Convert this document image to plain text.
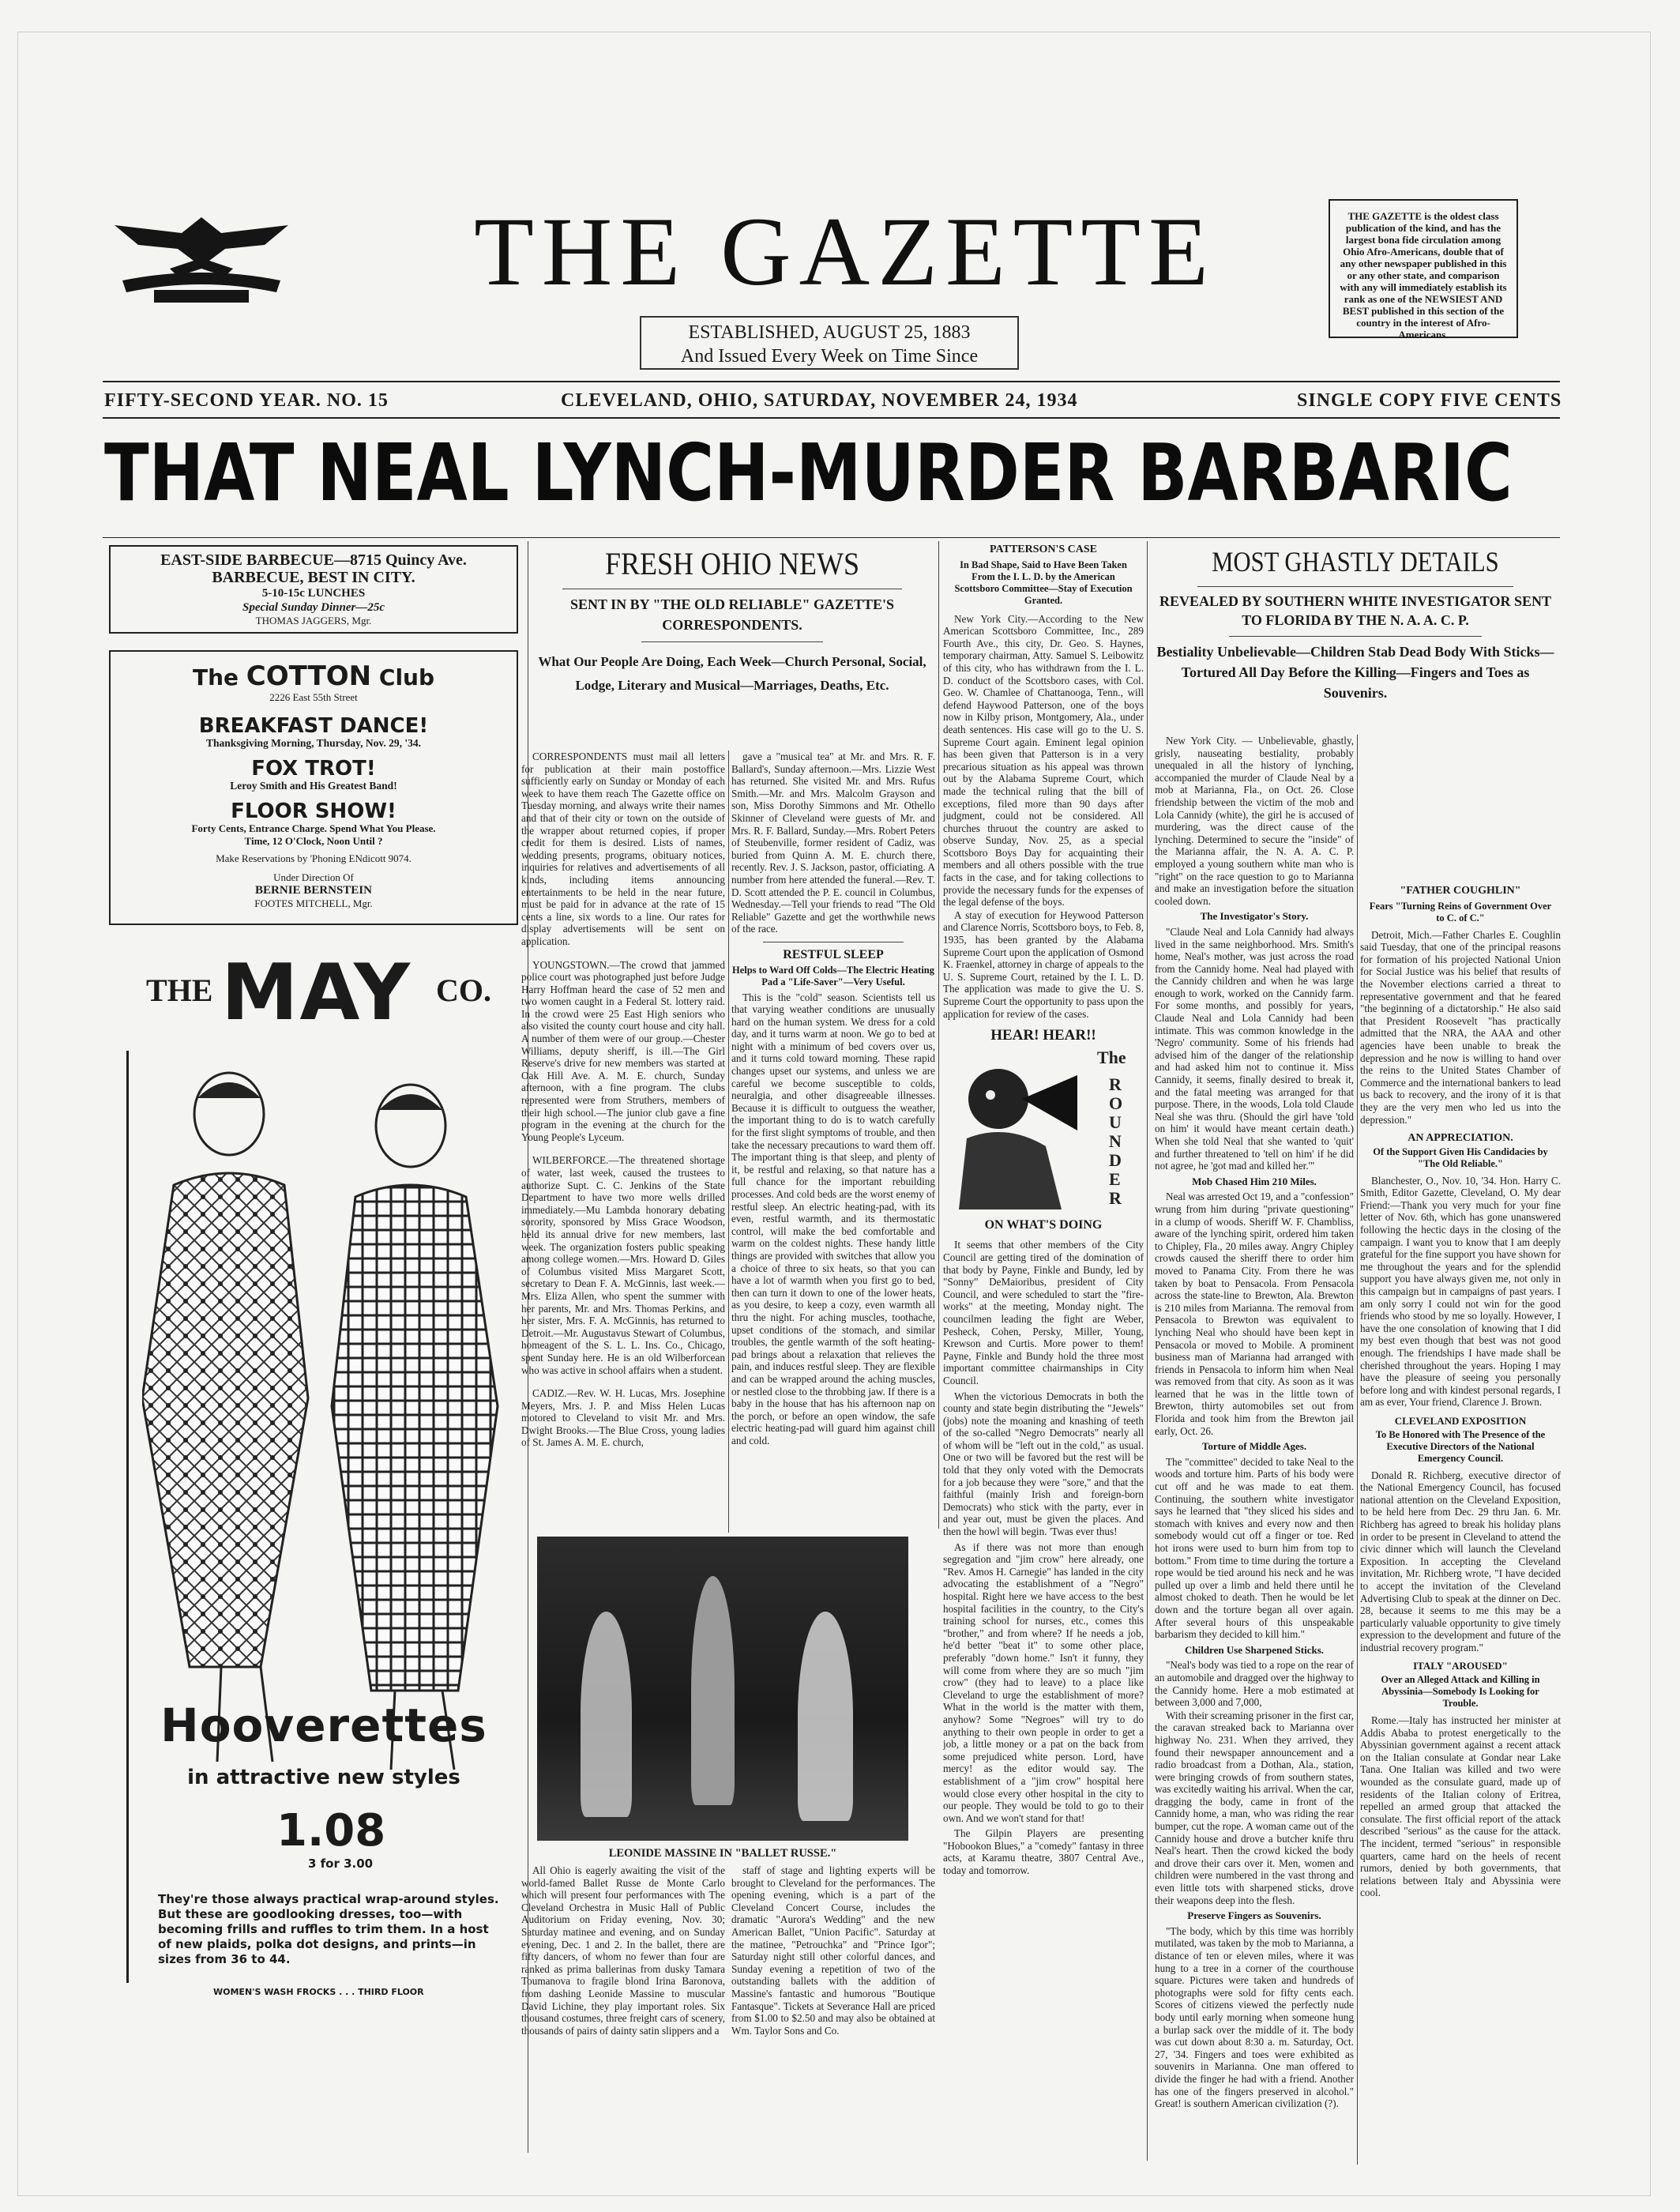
THE GAZETTE
ESTABLISHED, AUGUST 25, 1883
And Issued Every Week on Time Since
THE GAZETTE is the oldest class publication of the kind, and has the largest bona fide circulation among Ohio Afro-Americans, double that of any other newspaper published in this or any other state, and comparison with any will immediately establish its rank as one of the NEWSIEST AND BEST published in this section of the country in the interest of Afro-Americans.
FIFTY-SECOND YEAR. NO. 15	CLEVELAND, OHIO, SATURDAY, NOVEMBER 24, 1934	SINGLE COPY FIVE CENTS
THAT NEAL LYNCH-MURDER BARBARIC
EAST-SIDE BARBECUE—8715 Quincy Ave.
BARBECUE, BEST IN CITY.
5-10-15c LUNCHES
Special Sunday Dinner—25c
THOMAS JAGGERS, Mgr.
The COTTON Club
2226 East 55th Street
BREAKFAST DANCE!
Thanksgiving Morning, Thursday, Nov. 29, '34.
FOX TROT!
Leroy Smith and His Greatest Band!
FLOOR SHOW!
Forty Cents, Entrance Charge. Spend What You Please.
Time, 12 O'Clock, Noon Until ?
Make Reservations by 'Phoning ENdicott 9074.
Under Direction Of
BERNIE BERNSTEIN
FOOTES MITCHELL, Mgr.
THE MAY CO.
Hooverettes
in attractive new styles
1.08
3 for 3.00
They're those always practical wrap-around styles. But these are goodlooking dresses, too—with becoming frills and ruffles to trim them. In a host of new plaids, polka dot designs, and prints—in sizes from 36 to 44.
WOMEN'S WASH FROCKS . . . THIRD FLOOR
FRESH OHIO NEWS
SENT IN BY "THE OLD RELIABLE" GAZETTE'S CORRESPONDENTS.
What Our People Are Doing, Each Week—Church Personal, Social, Lodge, Literary and Musical—Marriages, Deaths, Etc.

CORRESPONDENTS must mail all letters for publication at their main postoffice sufficiently early on Sunday or Monday of each week to have them reach The Gazette office on Tuesday morning, and always write their names and that of their city or town on the outside of the wrapper about returned copies, if proper credit for them is desired. Lists of names, wedding presents, programs, obituary notices, inquiries for relatives and advertisements of all kinds, including items announcing entertainments to be held in the near future, must be paid for in advance at the rate of 15 cents a line, six words to a line. Our rates for display advertisements will be sent on application.

YOUNGSTOWN.—The crowd that jammed police court was photographed just before Judge Harry Hoffman heard the case of 52 men and two women caught in a Federal St. lottery raid. In the crowd were 25 East High seniors who also visited the county court house and city hall. A number of them were of our group.—Chester Williams, deputy sheriff, is ill.—The Girl Reserve's drive for new members was started at Oak Hill Ave. A. M. E. church, Sunday afternoon, with a fine program. The clubs represented were from Struthers, members of their high school.—The junior club gave a fine program in the evening at the church for the Young People's Lyceum.

WILBERFORCE.—The threatened shortage of water, last week, caused the trustees to authorize Supt. C. C. Jenkins of the State Department to have two more wells drilled immediately.—Mu Lambda honorary debating sorority, sponsored by Miss Grace Woodson, held its annual drive for new members, last week. The organization fosters public speaking among college women.—Mrs. Howard D. Giles of Columbus visited Miss Margaret Scott, secretary to Dean F. A. McGinnis, last week.—Mrs. Eliza Allen, who spent the summer with her parents, Mr. and Mrs. Thomas Perkins, and her sister, Mrs. F. A. McGinnis, has returned to Detroit.—Mr. Augustavus Stewart of Columbus, homeagent of the S. L. L. Ins. Co., Chicago, spent Sunday here. He is an old Wilberforcean who was active in school affairs when a student.

CADIZ.—Rev. W. H. Lucas, Mrs. Josephine Meyers, Mrs. J. P. and Miss Helen Lucas motored to Cleveland to visit Mr. and Mrs. Dwight Brooks.—The Blue Cross, young ladies of St. James A. M. E. church,

gave a "musical tea" at Mr. and Mrs. R. F. Ballard's, Sunday afternoon.—Mrs. Lizzie West has returned. She visited Mr. and Mrs. Rufus Smith.—Mr. and Mrs. Malcolm Grayson and son, Miss Dorothy Simmons and Mr. Othello Skinner of Cleveland were guests of Mr. and Mrs. R. F. Ballard, Sunday.—Mrs. Robert Peters of Steubenville, former resident of Cadiz, was buried from Quinn A. M. E. church there, recently. Rev. J. S. Jackson, pastor, officiating. A number from here attended the funeral.—Rev. T. D. Scott attended the P. E. council in Columbus, Wednesday.—Tell your friends to read "The Old Reliable" Gazette and get the worthwhile news of the race.

RESTFUL SLEEP
Helps to Ward Off Colds—The Electric Heating Pad a "Life-Saver"—Very Useful.

This is the "cold" season. Scientists tell us that varying weather conditions are unusually hard on the human system. We dress for a cold day, and it turns warm at noon. We go to bed at night with a minimum of bed covers over us, and it turns cold toward morning. These rapid changes upset our systems, and unless we are careful we become susceptible to colds, neuralgia, and other disagreeable illnesses. Because it is difficult to outguess the weather, the important thing to do is to watch carefully for the first slight symptoms of trouble, and then take the necessary precautions to ward them off. The important thing is that sleep, and plenty of it, be restful and relaxing, so that nature has a full chance for the important rebuilding processes. And cold beds are the worst enemy of restful sleep. An electric heating-pad, with its even, restful warmth, and its thermostatic control, will make the bed comfortable and warm on the coldest nights. These handy little things are provided with switches that allow you a choice of three to six heats, so that you can have a lot of warmth when you first go to bed, then can turn it down to one of the lower heats, as you desire, to keep a cozy, even warmth all thru the night. For aching muscles, toothache, upset conditions of the stomach, and similar troubles, the gentle warmth of the soft heating-pad brings about a relaxation that relieves the pain, and induces restful sleep. They are flexible and can be wrapped around the aching muscles, or nestled close to the throbbing jaw. If there is a baby in the house that has his afternoon nap on the porch, or before an open window, the safe electric heating-pad will guard him against chill and cold.

PATTERSON'S CASE
In Bad Shape, Said to Have Been Taken From the I. L. D. by the American Scottsboro Committee—Stay of Execution Granted.

New York City.—According to the New American Scottsboro Committee, Inc., 289 Fourth Ave., this city, Dr. Geo. S. Haynes, temporary chairman, Atty. Samuel S. Leibowitz of this city, who has withdrawn from the I. L. D. conduct of the Scottsboro cases, with Col. Geo. W. Chamlee of Chattanooga, Tenn., will defend Haywood Patterson, one of the boys now in Kilby prison, Montgomery, Ala., under death sentences. His case will go to the U. S. Supreme Court again. Eminent legal opinion has been given that Patterson is in a very precarious situation as his appeal was thrown out by the Alabama Supreme Court, which made the technical ruling that the bill of exceptions, filed more than 90 days after judgment, could not be considered. All churches thruout the country are asked to observe Sunday, Nov. 25, as a special Scottsboro Boys Day for acquainting their members and all others possible with the true facts in the case, and for taking collections to provide the necessary funds for the expenses of the legal defense of the boys.

A stay of execution for Heywood Patterson and Clarence Norris, Scottsboro boys, to Feb. 8, 1935, has been granted by the Alabama Supreme Court upon the application of Osmond K. Fraenkel, attorney in charge of appeals to the U. S. Supreme Court, retained by the I. L. D. The application was made to give the U. S. Supreme Court the opportunity to pass upon the application for review of the cases.

HEAR! HEAR!!
The
ROUNDER
ON WHAT'S DOING

It seems that other members of the City Council are getting tired of the domination of that body by Payne, Finkle and Bundy, led by "Sonny" DeMaioribus, president of City Council, and were scheduled to start the "fire-works" at the meeting, Monday night. The councilmen leading the fight are Weber, Pesheck, Cohen, Persky, Miller, Young, Krewson and Curtis. More power to them! Payne, Finkle and Bundy hold the three most important committee chairmanships in City Council.

When the victorious Democrats in both the county and state begin distributing the "Jewels" (jobs) note the moaning and knashing of teeth of the so-called "Negro Democrats" nearly all of whom will be "left out in the cold," as usual. One or two will be favored but the rest will be told that they only voted with the Democrats for a job because they were "sore," and that the faithful (mainly Irish and foreign-born Democrats) who stick with the party, ever in and year out, must be given the places. And then the howl will begin. 'Twas ever thus!

As if there was not more than enough segregation and "jim crow" here already, one "Rev. Amos H. Carnegie" has landed in the city advocating the establishment of a "Negro" hospital. Right here we have access to the best hospital facilities in the country, to the City's training school for nurses, etc., comes this "brother," and from where? If he needs a job, he'd better "beat it" to some other place, preferably "down home." Isn't it funny, they will come from where they are so much "jim crow" (they had to leave) to a place like Cleveland to urge the establishment of more? What in the world is the matter with them, anyhow? Some "Negroes" will try to do anything to their own people in order to get a job, a little money or a pat on the back from some prejudiced white person. Lord, have mercy! as the editor would say. The establishment of a "jim crow" hospital here would close every other hospital in the city to our people. They would be told to go to their own. And we won't stand for that!

The Gilpin Players are presenting "Hobookon Blues," a "comedy" fantasy in three acts, at Karamu theatre, 3807 Central Ave., today and tomorrow.

LEONIDE MASSINE IN "BALLET RUSSE."

All Ohio is eagerly awaiting the visit of the world-famed Ballet Russe de Monte Carlo which will present four performances with The Cleveland Orchestra in Music Hall of Public Auditorium on Friday evening, Nov. 30; Saturday matinee and evening, and on Sunday evening, Dec. 1 and 2. In the ballet, there are fifty dancers, of whom no fewer than four are ranked as prima ballerinas from dusky Tamara Toumanova to fragile blond Irina Baronova, from dashing Leonide Massine to muscular David Lichine, they play important roles. Six thousand costumes, three freight cars of scenery, thousands of pairs of dainty satin slippers and a

staff of stage and lighting experts will be brought to Cleveland for the performances. The opening evening, which is a part of the Cleveland Concert Course, includes the dramatic "Aurora's Wedding" and the new American Ballet, "Union Pacific". Saturday at the matinee, "Petrouchka" and "Prince Igor"; Saturday night still other colorful dances, and Sunday evening a repetition of two of the outstanding ballets with the addition of Massine's fantastic and humorous "Boutique Fantasque". Tickets at Severance Hall are priced from $1.00 to $2.50 and may also be obtained at Wm. Taylor Sons and Co.

MOST GHASTLY DETAILS
REVEALED BY SOUTHERN WHITE INVESTIGATOR SENT TO FLORIDA BY THE N. A. A. C. P.
Bestiality Unbelievable—Children Stab Dead Body With Sticks—Tortured All Day Before the Killing—Fingers and Toes as Souvenirs.

New York City. — Unbelievable, ghastly, grisly, nauseating bestiality, probably unequaled in all the history of lynching, accompanied the murder of Claude Neal by a mob at Marianna, Fla., on Oct. 26. Close friendship between the victim of the mob and Lola Cannidy (white), the girl he is accused of murdering, was the direct cause of the lynching. Determined to secure the "inside" of the Marianna affair, the N. A. A. C. P. employed a young southern white man who is "right" on the race question to go to Marianna and make an investigation before the situation cooled down.

The Investigator's Story.

"Claude Neal and Lola Cannidy had always lived in the same neighborhood. Mrs. Smith's home, Neal's mother, was just across the road from the Cannidy home. Neal had played with the Cannidy children and when he was large enough to work, worked on the Cannidy farm. For some months, and possibly for years, Claude Neal and Lola Cannidy had been intimate. This was common knowledge in the 'Negro' community. Some of his friends had advised him of the danger of the relationship and had asked him not to continue it. Miss Cannidy, it seems, finally desired to break it, and the fatal meeting was arranged for that purpose. There, in the woods, Lola told Claude Neal she was thru. (Should the girl have 'told on him' it would have meant certain death.) When she told Neal that she wanted to 'quit' and further threatened to 'tell on him' if he did not agree, he 'got mad and killed her.'"

Mob Chased Him 210 Miles.

Neal was arrested Oct 19, and a "confession" wrung from him during "private questioning" in a clump of woods. Sheriff W. F. Chambliss, aware of the lynching spirit, ordered him taken to Chipley, Fla., 20 miles away. Angry Chipley crowds caused the sheriff there to order him moved to Panama City. From there he was taken by boat to Pensacola. From Pensacola across the state-line to Brewton, Ala. Brewton is 210 miles from Marianna. The removal from Pensacola to Brewton was equivalent to lynching Neal who should have been kept in Pensacola or moved to Mobile. A prominent business man of Marianna had arranged with friends in Pensacola to inform him when Neal was removed from that city. As soon as it was learned that he was in the little town of Brewton, thirty automobiles set out from Florida and took him from the Brewton jail early, Oct. 26.

Torture of Middle Ages.

The "committee" decided to take Neal to the woods and torture him. Parts of his body were cut off and he was made to eat them. Continuing, the southern white investigator says he learned that "they sliced his sides and stomach with knives and every now and then somebody would cut off a finger or toe. Red hot irons were used to burn him from top to bottom." From time to time during the torture a rope would be tied around his neck and he was pulled up over a limb and held there until he almost choked to death. Then he would be let down and the torture began all over again. After several hours of this unspeakable barbarism they decided to kill him."

Children Use Sharpened Sticks.

"Neal's body was tied to a rope on the rear of an automobile and dragged over the highway to the Cannidy home. Here a mob estimated at between 3,000 and 7,000,

With their screaming prisoner in the first car, the caravan streaked back to Marianna over highway No. 231. When they arrived, they found their newspaper announcement and a radio broadcast from a Dothan, Ala., station, were bringing crowds of from southern states, was excitedly waiting his arrival. When the car, dragging the body, came in front of the Cannidy home, a man, who was riding the rear bumper, cut the rope. A woman came out of the Cannidy house and drove a butcher knife thru Neal's heart. Then the crowd kicked the body and drove their cars over it. Men, women and children were numbered in the vast throng and even little tots with sharpened sticks, drove their weapons deep into the flesh.

Preserve Fingers as Souvenirs.

"The body, which by this time was horribly mutilated, was taken by the mob to Marianna, a distance of ten or eleven miles, where it was hung to a tree in a corner of the courthouse square. Pictures were taken and hundreds of photographs were sold for fifty cents each. Scores of citizens viewed the perfectly nude body until early morning when someone hung a burlap sack over the middle of it. The body was cut down about 8:30 a. m. Saturday, Oct. 27, '34. Fingers and toes were exhibited as souvenirs in Marianna. One man offered to divide the finger he had with a friend. Another has one of the fingers preserved in alcohol." Great! is southern American civilization (?).

"FATHER COUGHLIN"
Fears "Turning Reins of Government Over to C. of C."

Detroit, Mich.—Father Charles E. Coughlin said Tuesday, that one of the principal reasons for formation of his projected National Union for Social Justice was his belief that results of the November elections carried a threat to representative government and that he feared "the beginning of a dictatorship." He also said that President Roosevelt "has practically admitted that the NRA, the AAA and other agencies have been unable to break the depression and he now is willing to hand over the reins to the United States Chamber of Commerce and the international bankers to lead us back to recovery, and the irony of it is that they are the very men who led us into the depression."

AN APPRECIATION.
Of the Support Given His Candidacies by "The Old Reliable."

Blanchester, O., Nov. 10, '34. Hon. Harry C. Smith, Editor Gazette, Cleveland, O. My dear Friend:—Thank you very much for your fine letter of Nov. 6th, which has gone unanswered following the hectic days in the closing of the campaign. I want you to know that I am deeply grateful for the fine support you have shown for me throughout the years and for the splendid support you have always given me, not only in this campaign but in campaigns of past years. I am only sorry I could not win for the good friends who stood by me so loyally. However, I have the one consolation of knowing that I did my best even though that best was not good enough. The friendships I have made shall be cherished throughout the years. Hoping I may have the pleasure of seeing you personally before long and with kindest personal regards, I am as ever, Your friend, Clarence J. Brown.

CLEVELAND EXPOSITION
To Be Honored with The Presence of the Executive Directors of the National Emergency Council.

Donald R. Richberg, executive director of the National Emergency Council, has focused national attention on the Cleveland Exposition, to be held here from Dec. 29 thru Jan. 6. Mr. Richberg has agreed to break his holiday plans in order to be present in Cleveland to attend the civic dinner which will launch the Cleveland Exposition. In accepting the Cleveland invitation, Mr. Richberg wrote, "I have decided to accept the invitation of the Cleveland Advertising Club to speak at the dinner on Dec. 28, because it seems to me this may be a particularly valuable opportunity to give timely expression to the development and future of the industrial recovery program."

ITALY "AROUSED"
Over an Alleged Attack and Killing in Abyssinia—Somebody Is Looking for Trouble.

Rome.—Italy has instructed her minister at Addis Ababa to protest energetically to the Abyssinian government against a recent attack on the Italian consulate at Gondar near Lake Tana. One Italian was killed and two were wounded as the consulate guard, made up of residents of the Italian colony of Eritrea, repelled an armed group that attacked the consulate. The first official report of the attack described "serious" as the cause for the attack. The incident, termed "serious" in responsible quarters, came hard on the heels of recent rumors, denied by both governments, that relations between Italy and Abyssinia were cool.
